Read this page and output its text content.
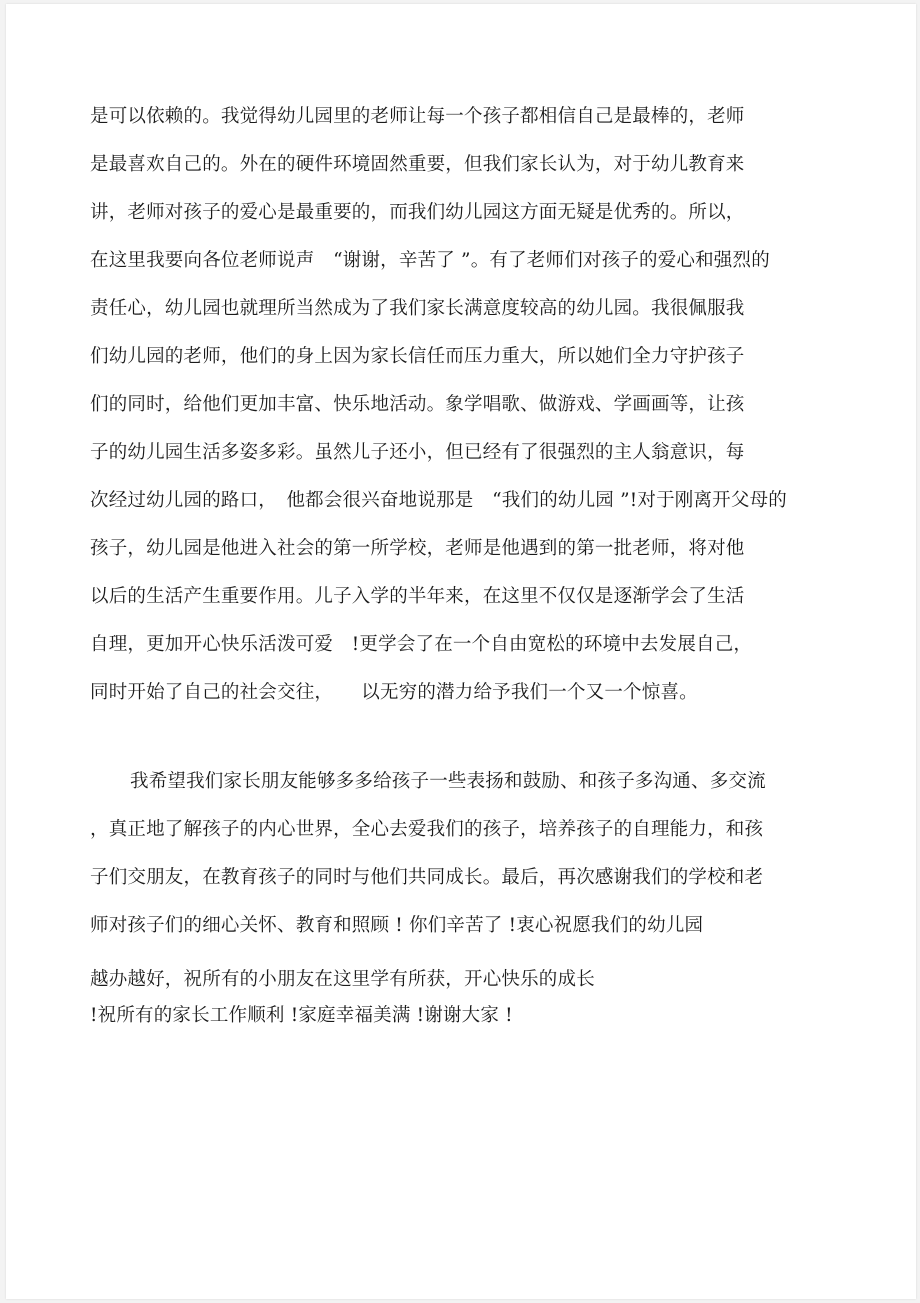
是可以依赖的。我觉得幼儿园里的老师让每一个孩子都相信自己是最棒的，老师
是最喜欢自己的。外在的硬件环境固然重要，但我们家长认为，对于幼儿教育来
讲，老师对孩子的爱心是最重要的，而我们幼儿园这方面无疑是优秀的。所以，
在这里我要向各位老师说声　“谢谢，辛苦了 ”。有了老师们对孩子的爱心和强烈的
责任心，幼儿园也就理所当然成为了我们家长满意度较高的幼儿园。我很佩服我
们幼儿园的老师，他们的身上因为家长信任而压力重大，所以她们全力守护孩子
们的同时，给他们更加丰富、快乐地活动。象学唱歌、做游戏、学画画等，让孩
子的幼儿园生活多姿多彩。虽然儿子还小，但已经有了很强烈的主人翁意识，每
次经过幼儿园的路口，　他都会很兴奋地说那是　“我们的幼儿园 ”!对于刚离开父母的
孩子，幼儿园是他进入社会的第一所学校，老师是他遇到的第一批老师，将对他
以后的生活产生重要作用。儿子入学的半年来，在这里不仅仅是逐渐学会了生活
自理，更加开心快乐活泼可爱　!更学会了在一个自由宽松的环境中去发展自己，
同时开始了自己的社会交往，　　以无穷的潜力给予我们一个又一个惊喜。
我希望我们家长朋友能够多多给孩子一些表扬和鼓励、和孩子多沟通、多交流
，真正地了解孩子的内心世界，全心去爱我们的孩子，培养孩子的自理能力，和孩
子们交朋友，在教育孩子的同时与他们共同成长。最后，再次感谢我们的学校和老
师对孩子们的细心关怀、教育和照顾 ! 你们辛苦了 !衷心祝愿我们的幼儿园
越办越好，祝所有的小朋友在这里学有所获，开心快乐的成长
!祝所有的家长工作顺利 !家庭幸福美满 !谢谢大家 !
